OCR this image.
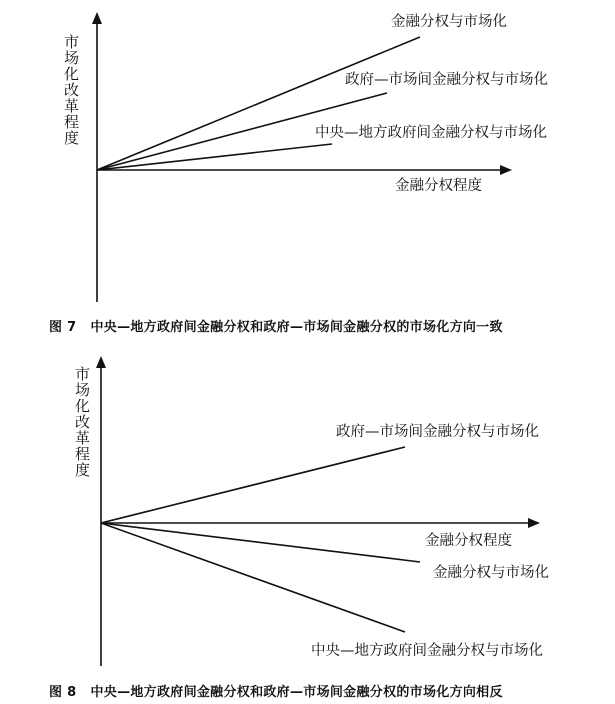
市场化改革程度
金融分权与市场化
政府—市场间金融分权与市场化
中央—地方政府间金融分权与市场化
金融分权程度
图 7 中央—地方政府间金融分权和政府—市场间金融分权的市场化方向一致
市场化改革程度	政府—市场间金融分权与市场化
金融分权程度
金融分权与市场化
中央—地方政府间金融分权与市场化
图 8 中央—地方政府间金融分权和政府—市场间金融分权的市场化方向相反
